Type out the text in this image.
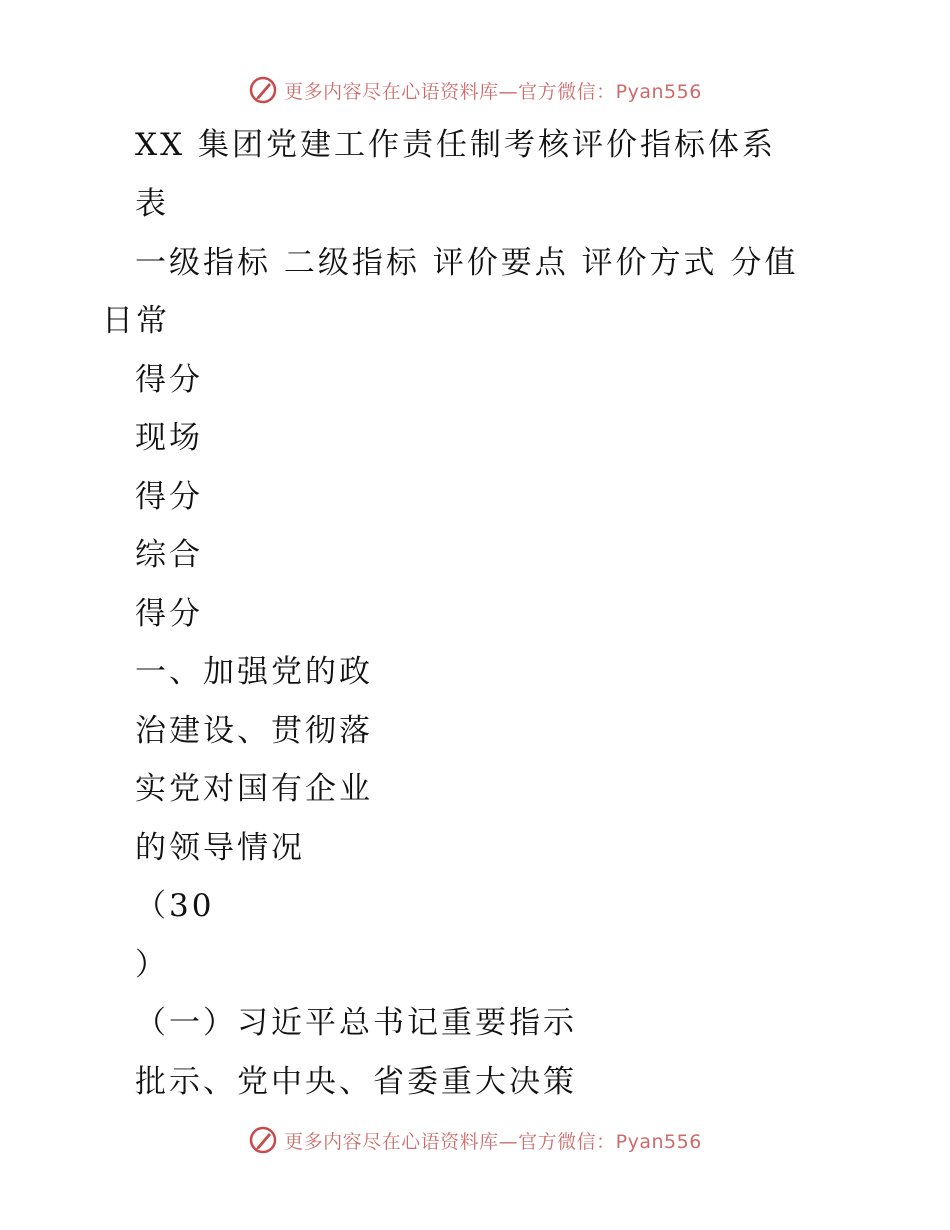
更多内容尽在心语资料库—官方微信：Pyan556
XX 集团党建工作责任制考核评价指标体系
表
一级指标 二级指标 评价要点 评价方式 分值
日常
得分
现场
得分
综合
得分
一、加强党的政
治建设、贯彻落
实党对国有企业
的领导情况
（30
）
（一）习近平总书记重要指示
批示、党中央、省委重大决策
更多内容尽在心语资料库—官方微信：Pyan556
